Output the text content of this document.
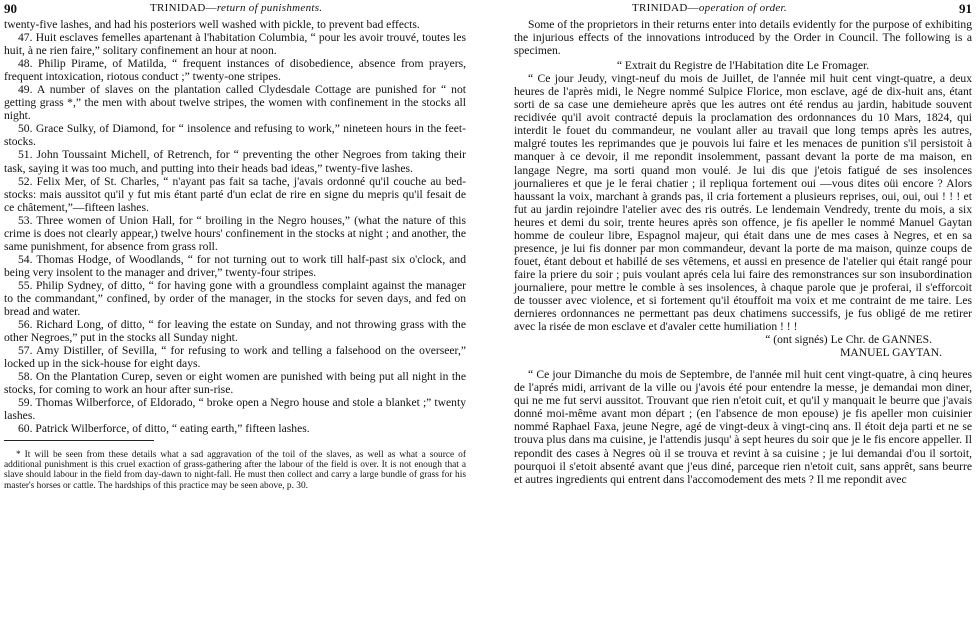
90	TRINIDAD—return of punishments.

twenty-five lashes, and had his posteriors well washed with pickle, to prevent bad effects.

47. Huit esclaves femelles apartenant à l'habitation Columbia, “ pour les avoir trouvé, toutes les huit, à ne rien faire,” solitary confinement an hour at noon.

48. Philip Pirame, of Matilda, “ frequent instances of disobedience, absence from prayers, frequent intoxication, riotous conduct ;” twenty-one stripes.

49. A number of slaves on the plantation called Clydesdale Cottage are punished for “ not getting grass *,” the men with about twelve stripes, the women with confinement in the stocks all night.

50. Grace Sulky, of Diamond, for “ insolence and refusing to work,” nineteen hours in the feet-stocks.

51. John Toussaint Michell, of Retrench, for “ preventing the other Negroes from taking their task, saying it was too much, and putting into their heads bad ideas,” twenty-five lashes.

52. Felix Mer, of St. Charles, “ n'ayant pas fait sa tache, j'avais ordonné qu'il couche au bed-stocks: mais aussitot qu'il y fut mis étant parté d'un eclat de rire en signe du mepris qu'il fesait de ce châtement,”—fifteen lashes.

53. Three women of Union Hall, for “ broiling in the Negro houses,” (what the nature of this crime is does not clearly appear,) twelve hours' confinement in the stocks at night ; and another, the same punishment, for absence from grass roll.

54. Thomas Hodge, of Woodlands, “ for not turning out to work till half-past six o'clock, and being very insolent to the manager and driver,” twenty-four stripes.

55. Philip Sydney, of ditto, “ for having gone with a groundless complaint against the manager to the commandant,” confined, by order of the manager, in the stocks for seven days, and fed on bread and water.

56. Richard Long, of ditto, “ for leaving the estate on Sunday, and not throwing grass with the other Negroes,” put in the stocks all Sunday night.

57. Amy Distiller, of Sevilla, “ for refusing to work and telling a falsehood on the overseer,” locked up in the sick-house for eight days.

58. On the Plantation Curep, seven or eight women are punished with being put all night in the stocks, for coming to work an hour after sun-rise.

59. Thomas Wilberforce, of Eldorado, “ broke open a Negro house and stole a blanket ;” twenty lashes.

60. Patrick Wilberforce, of ditto, “ eating earth,” fifteen lashes.

* It will be seen from these details what a sad aggravation of the toil of the slaves, as well as what a source of additional punishment is this cruel exaction of grass-gathering after the labour of the field is over. It is not enough that a slave should labour in the field from day-dawn to night-fall. He must then collect and carry a large bundle of grass for his master's horses or cattle. The hardships of this practice may be seen above, p. 30.

TRINIDAD—operation of order.	91

Some of the proprietors in their returns enter into details evidently for the purpose of exhibiting the injurious effects of the innovations introduced by the Order in Council. The following is a specimen.

“ Extrait du Registre de l'Habitation dite Le Fromager.

“ Ce jour Jeudy, vingt-neuf du mois de Juillet, de l'année mil huit cent vingt-quatre, a deux heures de l'après midi, le Negre nommé Sulpice Florice, mon esclave, agé de dix-huit ans, étant sorti de sa case une demieheure après que les autres ont été rendus au jardin, habitude souvent recidivée qu'il avoit contracté depuis la proclamation des ordonnances du 10 Mars, 1824, qui interdit le fouet du commandeur, ne voulant aller au travail que long temps après les autres, malgré toutes les reprimandes que je pouvois lui faire et les menaces de punition s'il persistoit à manquer à ce devoir, il me repondit insolemment, passant devant la porte de ma maison, en langage Negre, ma sorti quand mon voulé. Je lui dis que j'etois fatigué de ses insolences journalieres et que je le ferai chatier ; il repliqua fortement oui —vous dites oüi encore ? Alors haussant la voix, marchant à grands pas, il cria fortement a plusieurs reprises, oui, oui, oui ! ! ! et fut au jardin rejoindre l'atelier avec des ris outrés. Le lendemain Vendredy, trente du mois, a six heures et demi du soir, trente heures après son offence, je fis apeller le nommé Manuel Gaytan homme de couleur libre, Espagnol majeur, qui était dans une de mes cases à Negres, et en sa presence, je lui fis donner par mon commandeur, devant la porte de ma maison, quinze coups de fouet, étant debout et habillé de ses vêtemens, et aussi en presence de l'atelier qui était rangé pour faire la priere du soir ; puis voulant aprés cela lui faire des remonstrances sur son insubordination journaliere, pour mettre le comble à ses insolences, à chaque parole que je proferai, il s'efforcoit de tousser avec violence, et si fortement qu'il étouffoit ma voix et me contraint de me taire. Les dernieres ordonnances ne permettant pas deux chatimens successifs, je fus obligé de me retirer avec la risée de mon esclave et d'avaler cette humiliation ! ! !

“ (ont signés) Le Chr. de GANNES.

MANUEL GAYTAN.

“ Ce jour Dimanche du mois de Septembre, de l'année mil huit cent vingt-quatre, à cinq heures de l'aprés midi, arrivant de la ville ou j'avois été pour entendre la messe, je demandai mon diner, qui ne me fut servi aussitot. Trouvant que rien n'etoit cuit, et qu'il y manquait le beurre que j'avais donné moi-même avant mon départ ; (en l'absence de mon epouse) je fis apeller mon cuisinier nommé Raphael Faxa, jeune Negre, agé de vingt-deux à vingt-cinq ans. Il étoit deja parti et ne se trouva plus dans ma cuisine, je l'attendis jusqu' à sept heures du soir que je le fis encore appeller. Il repondit des cases à Negres où il se trouva et revint à sa cuisine ; je lui demandai d'ou il sortoit, pourquoi il s'etoit absenté avant que j'eus diné, parceque rien n'etoit cuit, sans apprêt, sans beurre et autres ingredients qui entrent dans l'accomodement des mets ? Il me repondit avec
